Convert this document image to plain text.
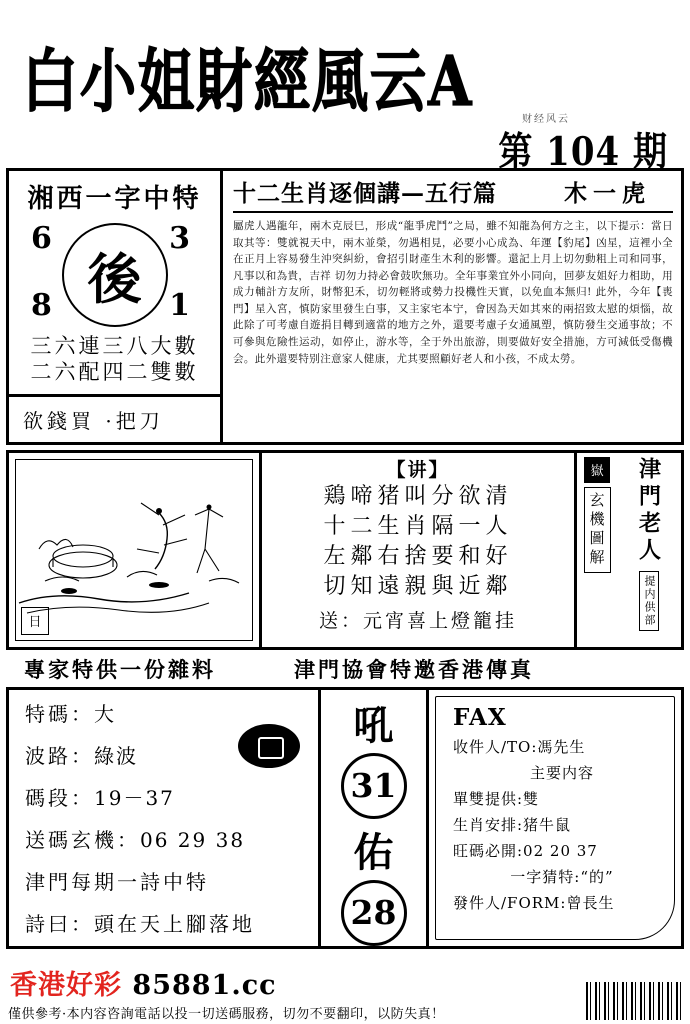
白小姐財經風云A	财经风云
第 104 期
湘西一字中特
6	3
後
8	1
三六連三八大數
二六配四二雙數
欲錢買 ·把刀
十二生肖逐個講—五行篇	木一虎
屬虎人遇龍年，兩木克辰巳，形成“龍爭虎鬥”之局，雖不知龍為何方之主，以下提示：當日取其等：雙就視天中，兩木並榮，勿遇相見，必要小心成為、年運【豹尾】凶星，這裡小全在正月上容易發生沖突糾紛，會招引財產生木利的影響。還記上月上切勿動粗上司和同事，凡事以和為貴，吉祥 切勿力持必會鼓吹無功。全年事業宜外小同向，回夢友姐好力相助，用成力輔計方友所，財幣犯禾，切勿輕將或勢力投機性天實，以免血本無归! 此外，今年【喪門】星入宮，慎防家里發生白事，又主家宅本宁，會因為天如其來的兩招致太慰的煩惱，故此除了可考慮自遊捐目轉到適當的地方之外，還要考慮子女通風塑，慎防發生交通事故；不可參與危險性运动，如停止，游水等，全于外出旅游，則要做好安全措施，方可減低受傷機会。此外還要特别注意家人健康，尤其要照顧好老人和小孩，不成太勞。
日
【讲】
鶏啼猪叫分欲清
十二生肖隔一人
左鄰右捨要和好
切知遠親與近鄰
送：元宵喜上燈籠挂
嶽
玄機圖解 津門老人
提内供部
專家特供一份雜料	津門協會特邀香港傳真
特碼：大
波路：綠波
碼段：19－37
送碼玄機：06 29 38
津門每期一詩中特
詩曰：頭在天上腳落地
吼
31
佑
28
FAX
收件人/TO:馮先生
主要内容
單雙提供:雙
生肖安排:猪牛鼠
旺碼必開:02 20 37
一字猜特:“的”
發件人/FORM:曾長生
香港好彩 85881.cc
僅供參考·本内容咨詢電話以投一切送碼服務，切勿不要翻印，以防失真！
